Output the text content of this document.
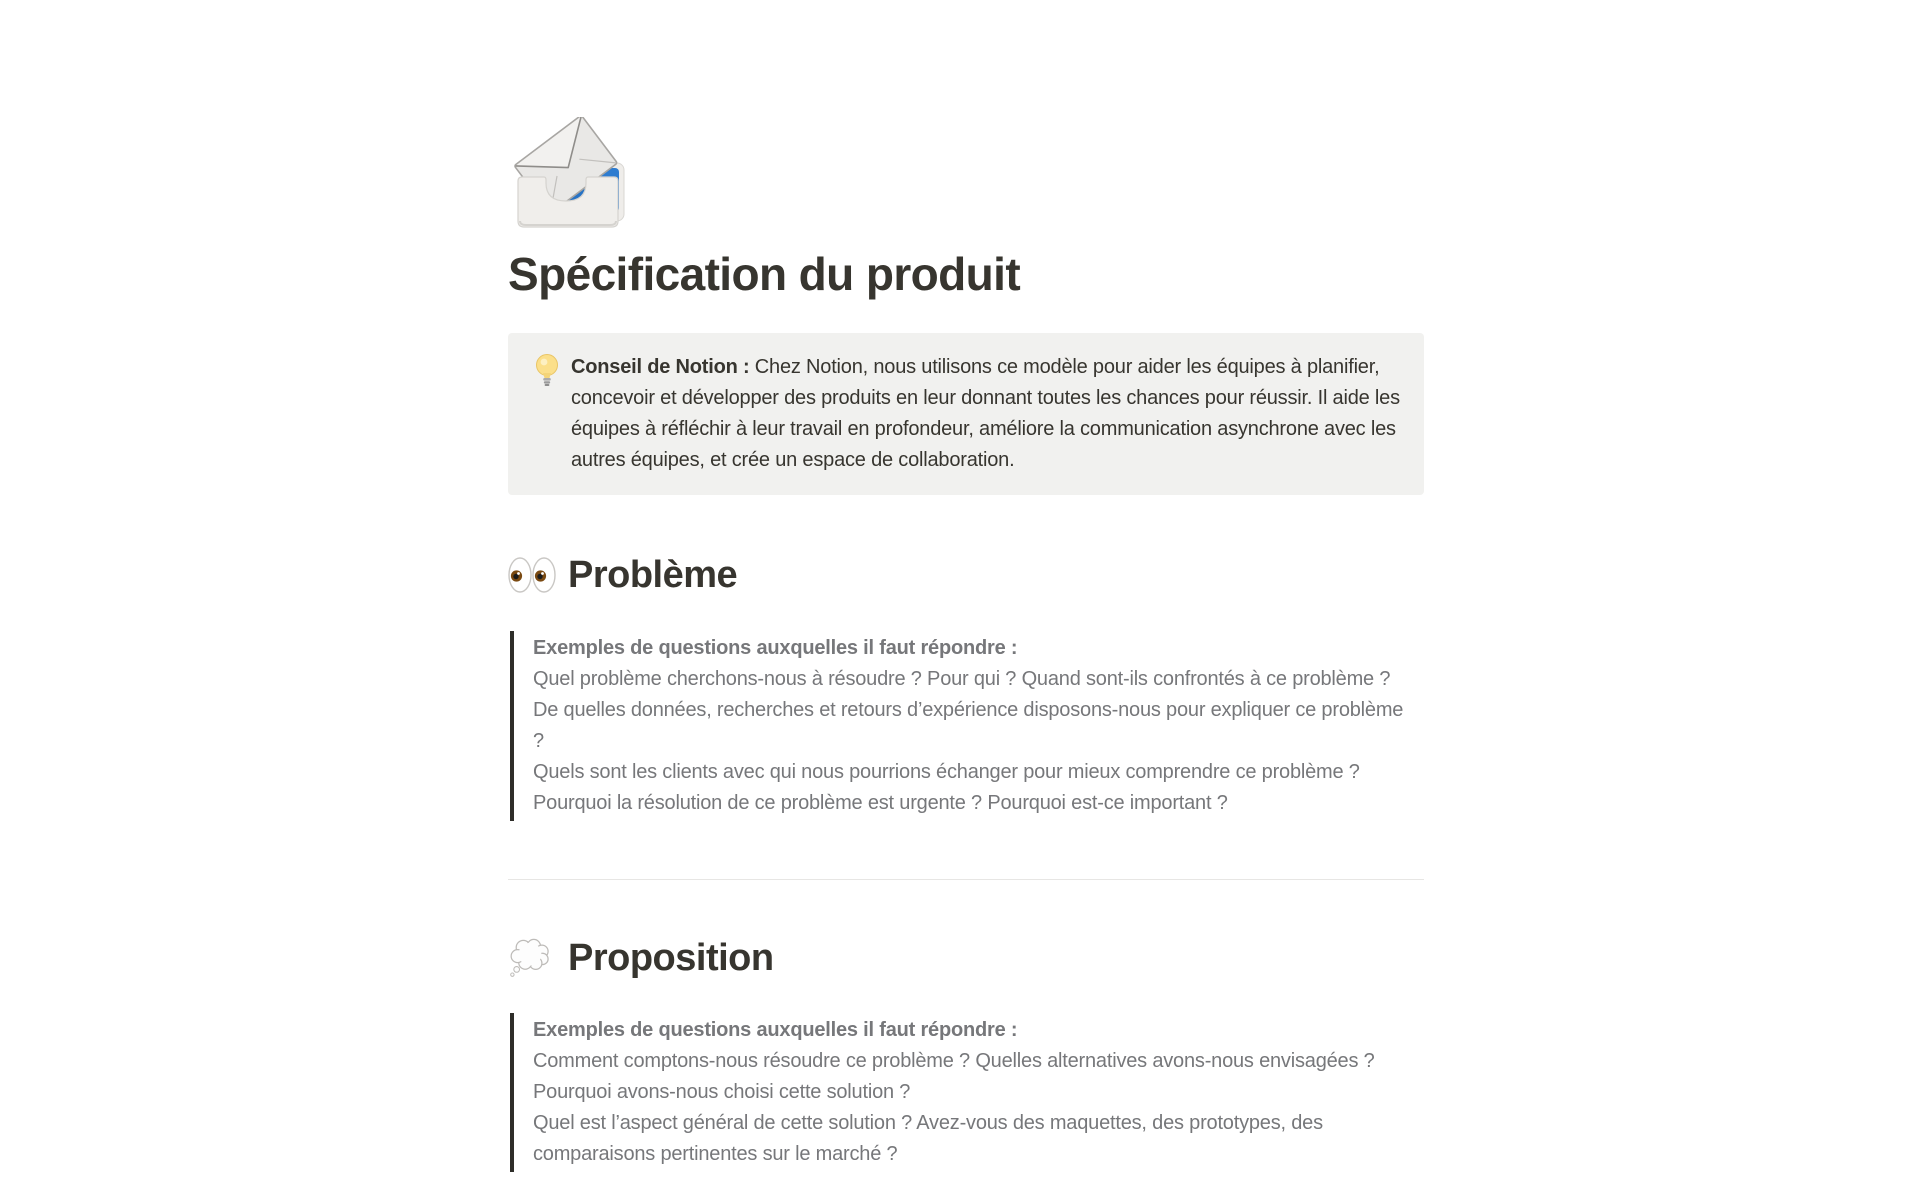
Spécification du produit
Conseil de Notion : Chez Notion, nous utilisons ce modèle pour aider les équipes à planifier, concevoir et développer des produits en leur donnant toutes les chances pour réussir. Il aide les équipes à réfléchir à leur travail en profondeur, améliore la communication asynchrone avec les autres équipes, et crée un espace de collaboration.
Problème
Exemples de questions auxquelles il faut répondre :
Quel problème cherchons-nous à résoudre ? Pour qui ? Quand sont-ils confrontés à ce problème ?
De quelles données, recherches et retours d’expérience disposons-nous pour expliquer ce problème ?
Quels sont les clients avec qui nous pourrions échanger pour mieux comprendre ce problème ?
Pourquoi la résolution de ce problème est urgente ? Pourquoi est-ce important ?
Proposition
Exemples de questions auxquelles il faut répondre :
Comment comptons-nous résoudre ce problème ? Quelles alternatives avons-nous envisagées ? Pourquoi avons-nous choisi cette solution ?
Quel est l’aspect général de cette solution ? Avez-vous des maquettes, des prototypes, des comparaisons pertinentes sur le marché ?
